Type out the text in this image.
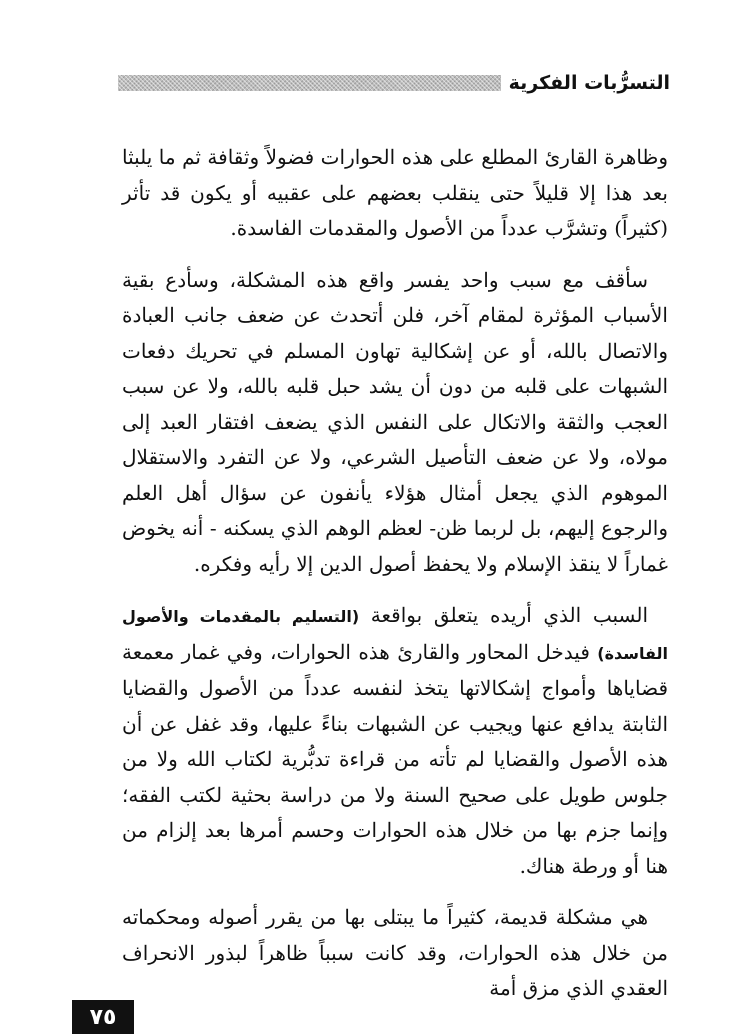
التسرُّبات الفكرية

وظاهرة القارئ المطلع على هذه الحوارات فضولاً وثقافة ثم ما يلبثا بعد هذا إلا قليلاً حتى ينقلب بعضهم على عقبيه أو يكون قد تأثر (كثيراً) وتشرَّب عدداً من الأصول والمقدمات الفاسدة.

سأقف مع سبب واحد يفسر واقع هذه المشكلة، وسأدع بقية الأسباب المؤثرة لمقام آخر، فلن أتحدث عن ضعف جانب العبادة والاتصال بالله، أو عن إشكالية تهاون المسلم في تحريك دفعات الشبهات على قلبه من دون أن يشد حبل قلبه بالله، ولا عن سبب العجب والثقة والاتكال على النفس الذي يضعف افتقار العبد إلى مولاه، ولا عن ضعف التأصيل الشرعي، ولا عن التفرد والاستقلال الموهوم الذي يجعل أمثال هؤلاء يأنفون عن سؤال أهل العلم والرجوع إليهم، بل لربما ظن- لعظم الوهم الذي يسكنه - أنه يخوض غماراً لا ينقذ الإسلام ولا يحفظ أصول الدين إلا رأيه وفكره.

السبب الذي أريده يتعلق بواقعة (التسليم بالمقدمات والأصول الفاسدة) فيدخل المحاور والقارئ هذه الحوارات، وفي غمار معمعة قضاياها وأمواج إشكالاتها يتخذ لنفسه عدداً من الأصول والقضايا الثابتة يدافع عنها ويجيب عن الشبهات بناءً عليها، وقد غفل عن أن هذه الأصول والقضايا لم تأته من قراءة تدبُّرية لكتاب الله ولا من جلوس طويل على صحيح السنة ولا من دراسة بحثية لكتب الفقه؛ وإنما جزم بها من خلال هذه الحوارات وحسم أمرها بعد إلزام من هنا أو ورطة هناك.

هي مشكلة قديمة، كثيراً ما يبتلى بها من يقرر أصوله ومحكماته من خلال هذه الحوارات، وقد كانت سبباً ظاهراً لبذور الانحراف العقدي الذي مزق أمة

٧٥
